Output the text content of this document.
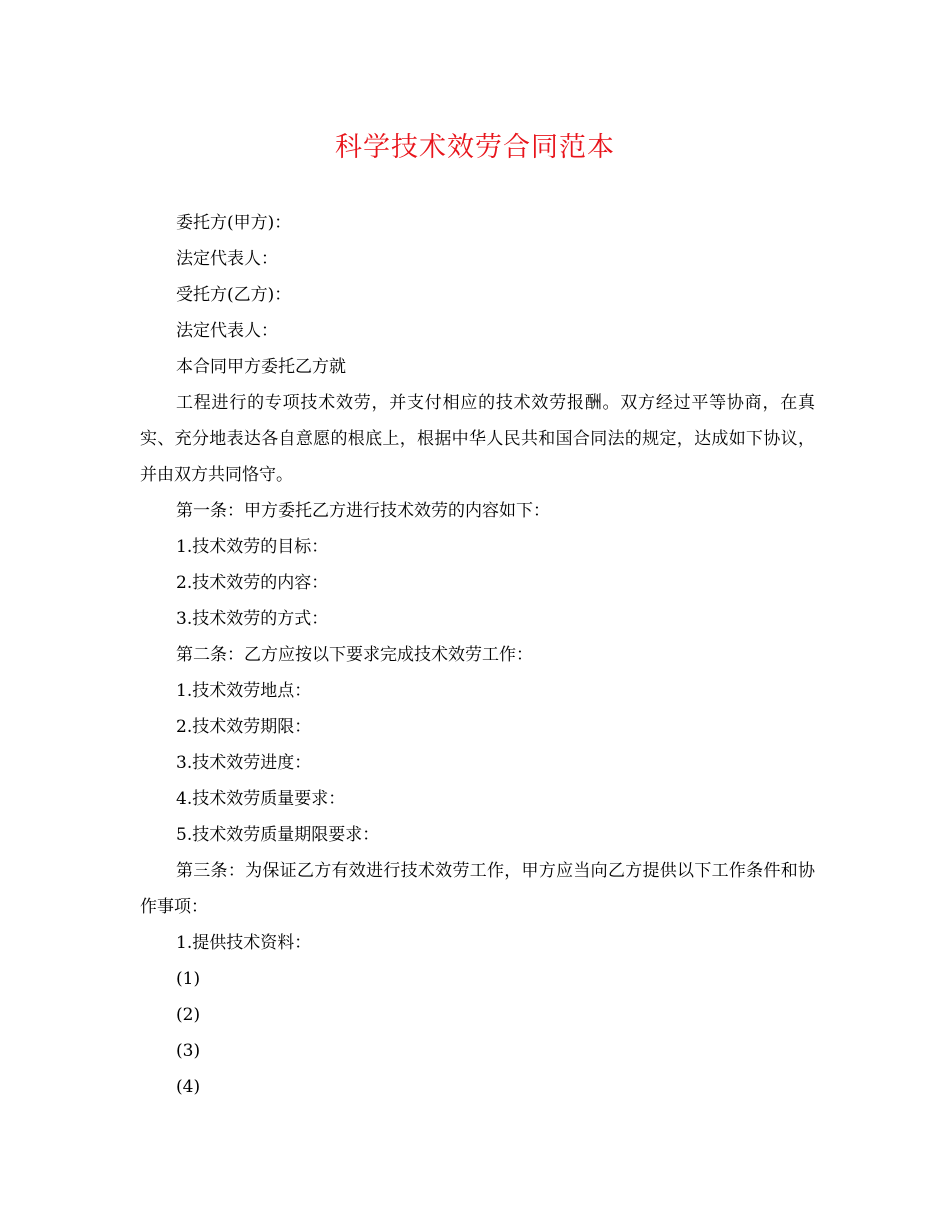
科学技术效劳合同范本

委托方(甲方)：

法定代表人：

受托方(乙方)：

法定代表人：

本合同甲方委托乙方就

工程进行的专项技术效劳，并支付相应的技术效劳报酬。双方经过平等协商，在真实、充分地表达各自意愿的根底上，根据中华人民共和国合同法的规定，达成如下协议，并由双方共同恪守。

第一条：甲方委托乙方进行技术效劳的内容如下：

1.技术效劳的目标：

2.技术效劳的内容：

3.技术效劳的方式：

第二条：乙方应按以下要求完成技术效劳工作：

1.技术效劳地点：

2.技术效劳期限：

3.技术效劳进度：

4.技术效劳质量要求：

5.技术效劳质量期限要求：

第三条：为保证乙方有效进行技术效劳工作，甲方应当向乙方提供以下工作条件和协作事项：

1.提供技术资料：

(1)

(2)

(3)

(4)
